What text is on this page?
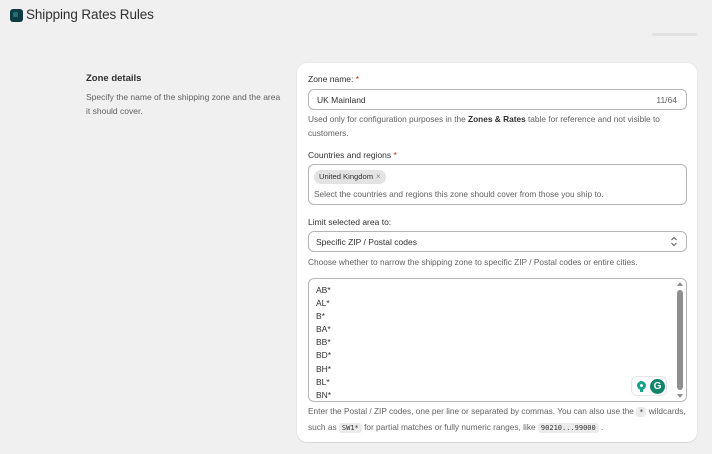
Shipping Rates Rules
Zone details
Specify the name of the shipping zone and the area it should cover.
Zone name: *
UK Mainland	11/64
Used only for configuration purposes in the Zones & Rates table for reference and not visible to customers.
Countries and regions *
United Kingdom ×
Select the countries and regions this zone should cover from those you ship to.
Limit selected area to:
Specific ZIP / Postal codes
Choose whether to narrow the shipping zone to specific ZIP / Postal codes or entire cities.
AB*
AL*
B*
BA*
BB*
BD*
BH*
BL*
BN*
G
Enter the Postal / ZIP codes, one per line or separated by commas. You can also use the * wildcards, such as SW1* for partial matches or fully numeric ranges, like 90210...99000 .
